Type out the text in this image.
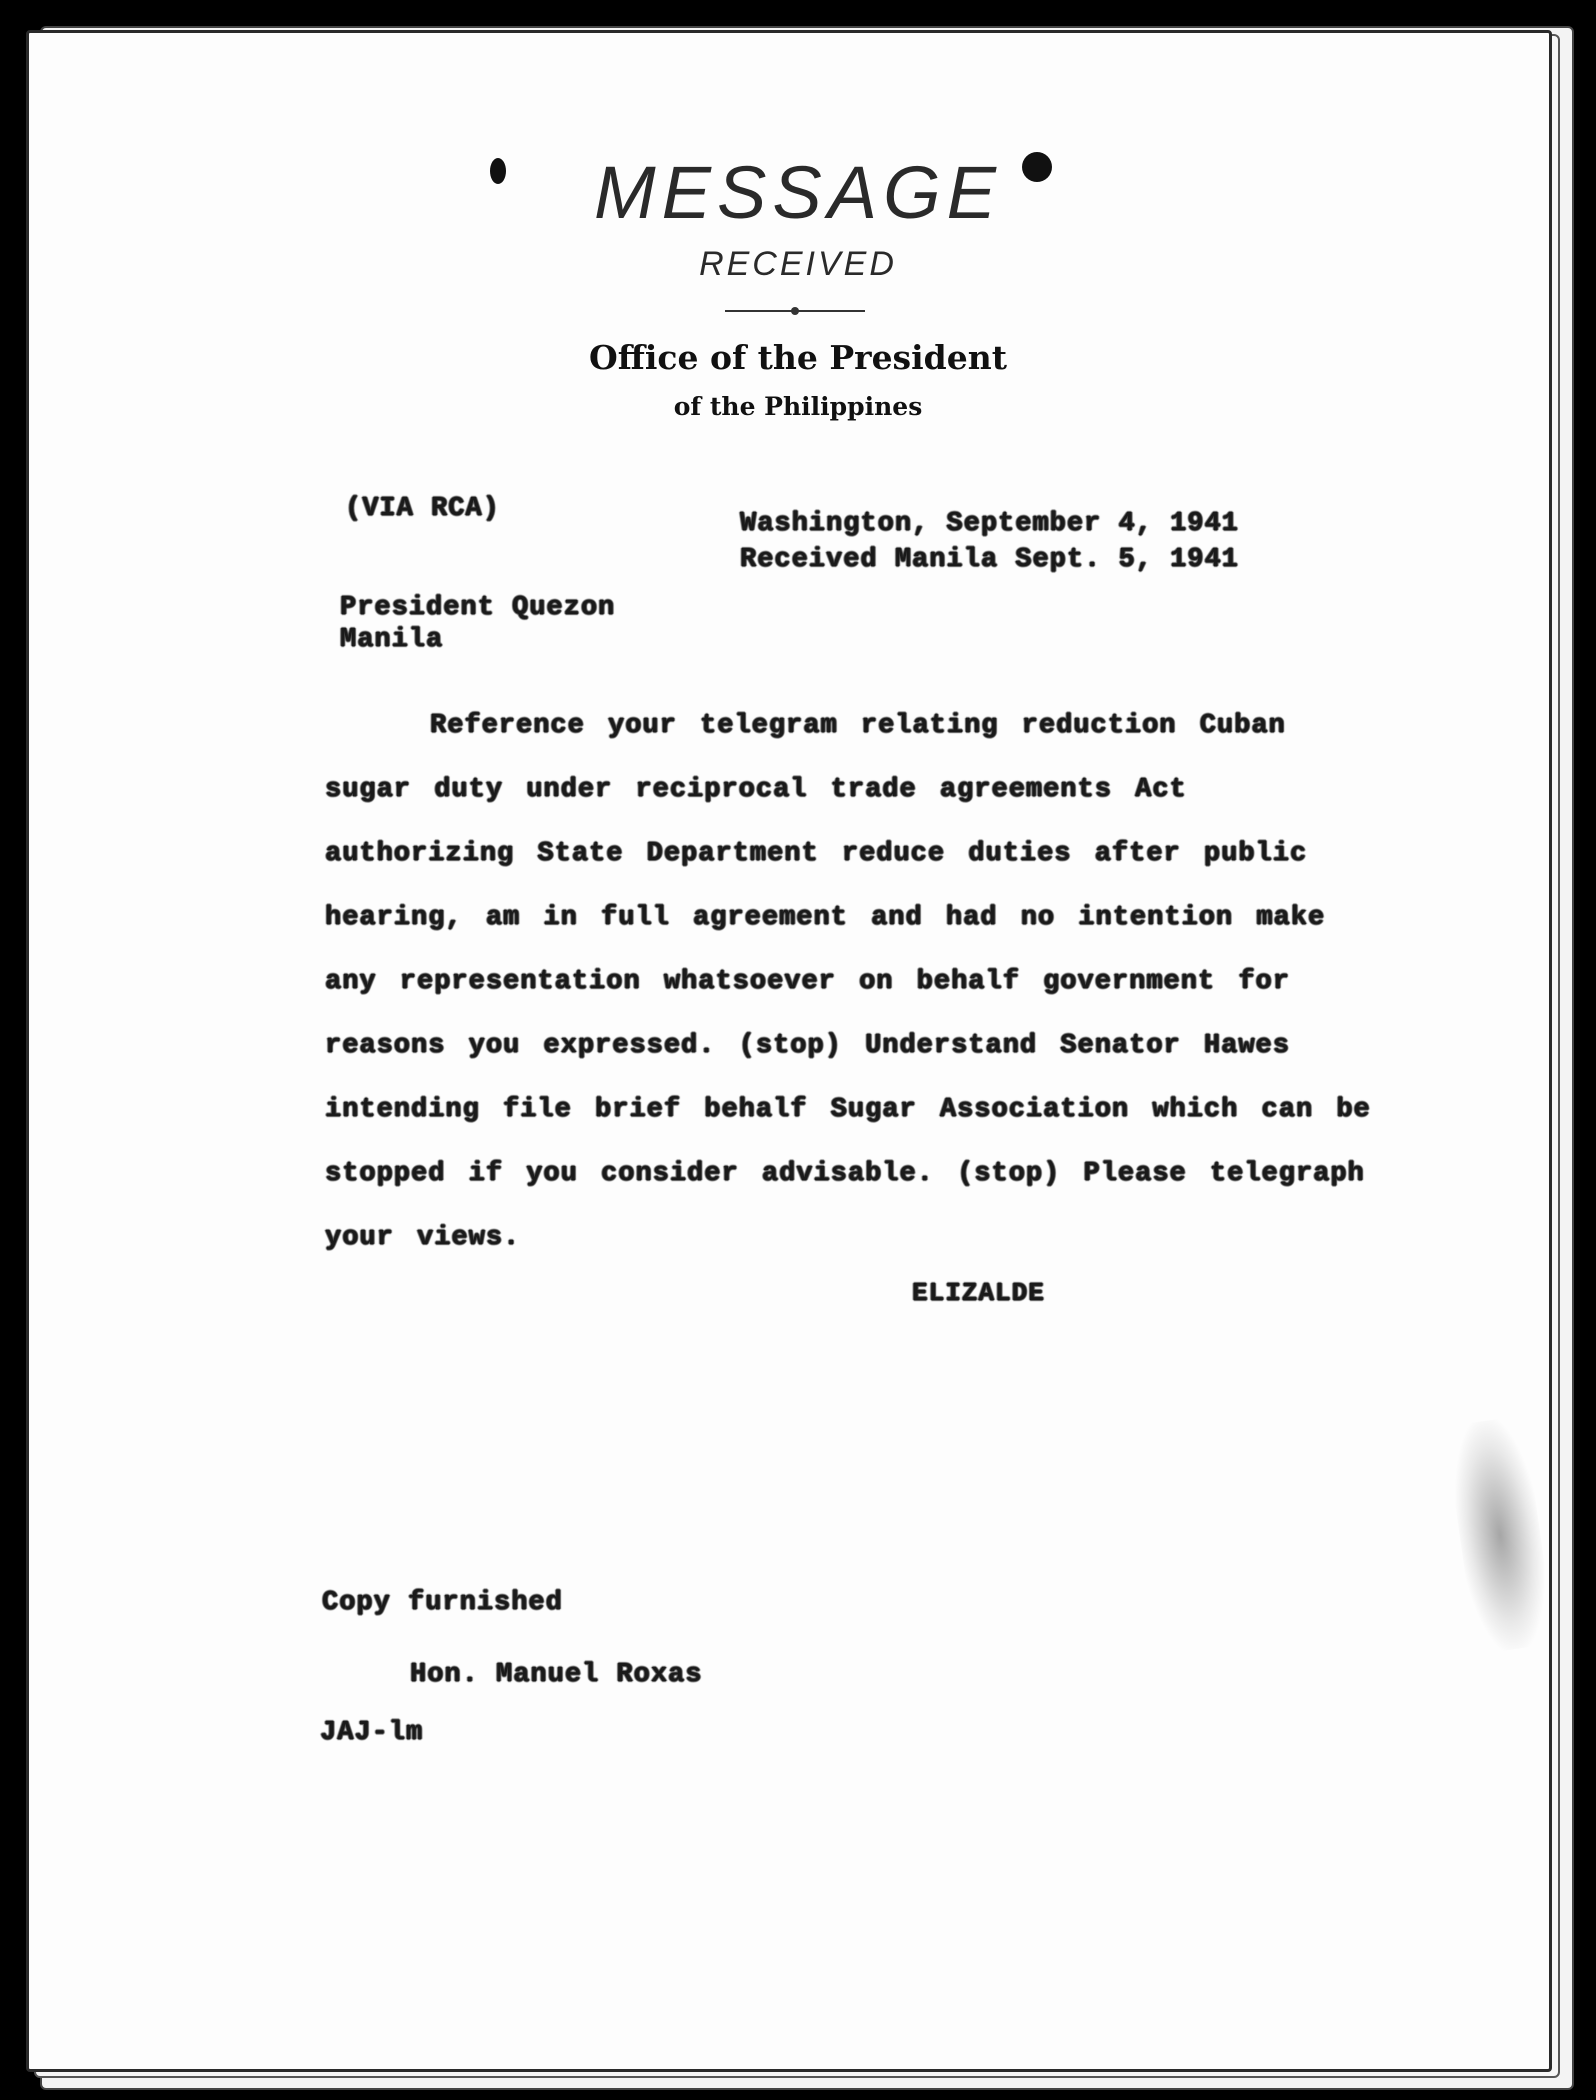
MESSAGE
RECEIVED
Office of the President
of the Philippines
(VIA RCA)	Washington, September 4, 1941
Received Manila Sept. 5, 1941
President Quezon
Manila
Reference your telegram relating reduction Cuban sugar duty under reciprocal trade agreements Act authorizing State Department reduce duties after public hearing, am in full agreement and had no intention make any representation whatsoever on behalf government for reasons you expressed. (stop) Understand Senator Hawes intending file brief behalf Sugar Association which can be stopped if you consider advisable. (stop) Please telegraph your views.
ELIZALDE
Copy furnished
Hon. Manuel Roxas
JAJ-lm
